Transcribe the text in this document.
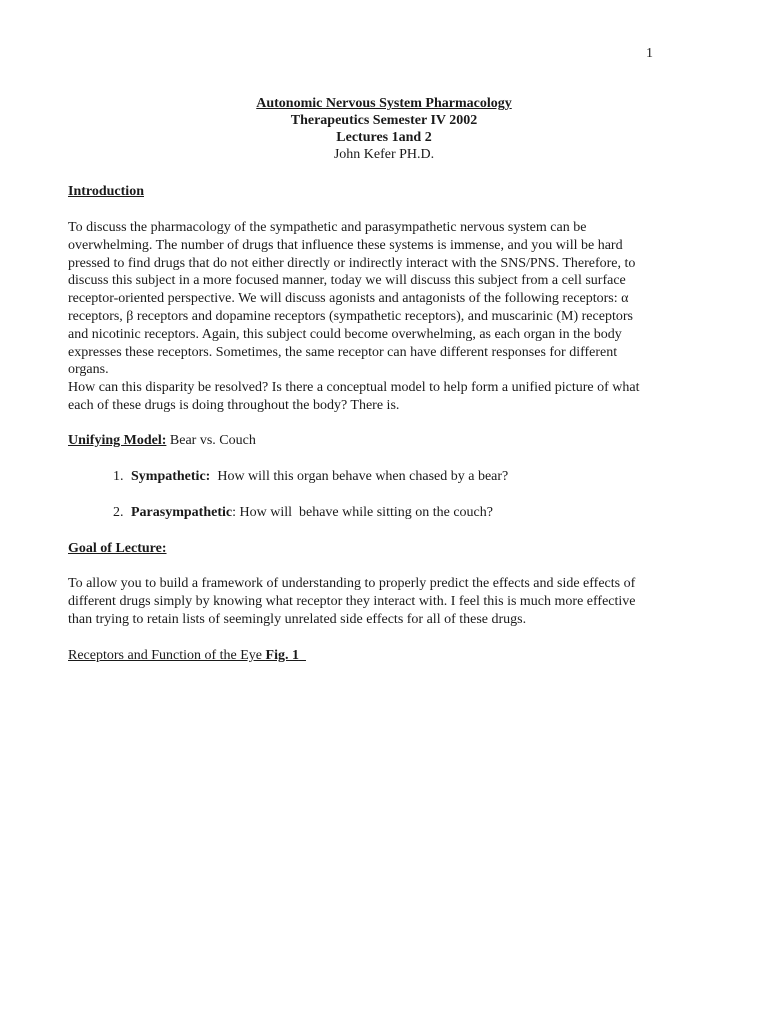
1
Autonomic Nervous System Pharmacology
Therapeutics Semester IV 2002
Lectures 1and 2
John Kefer PH.D.
Introduction

To discuss the pharmacology of the sympathetic and parasympathetic nervous system can be

overwhelming. The number of drugs that influence these systems is immense, and you will be hard

pressed to find drugs that do not either directly or indirectly interact with the SNS/PNS. Therefore, to

discuss this subject in a more focused manner, today we will discuss this subject from a cell surface

receptor-oriented perspective. We will discuss agonists and antagonists of the following receptors: α

receptors, β receptors and dopamine receptors (sympathetic receptors), and muscarinic (M) receptors

and nicotinic receptors. Again, this subject could become overwhelming, as each organ in the body

expresses these receptors. Sometimes, the same receptor can have different responses for different

organs.

How can this disparity be resolved? Is there a conceptual model to help form a unified picture of what

each of these drugs is doing throughout the body? There is.

Unifying Model: Bear vs. Couch
1. Sympathetic:  How will this organ behave when chased by a bear?
2. Parasympathetic: How will  behave while sitting on the couch?
Goal of Lecture:

To allow you to build a framework of understanding to properly predict the effects and side effects of

different drugs simply by knowing what receptor they interact with. I feel this is much more effective

than trying to retain lists of seemingly unrelated side effects for all of these drugs.

Receptors and Function of the Eye Fig. 1
